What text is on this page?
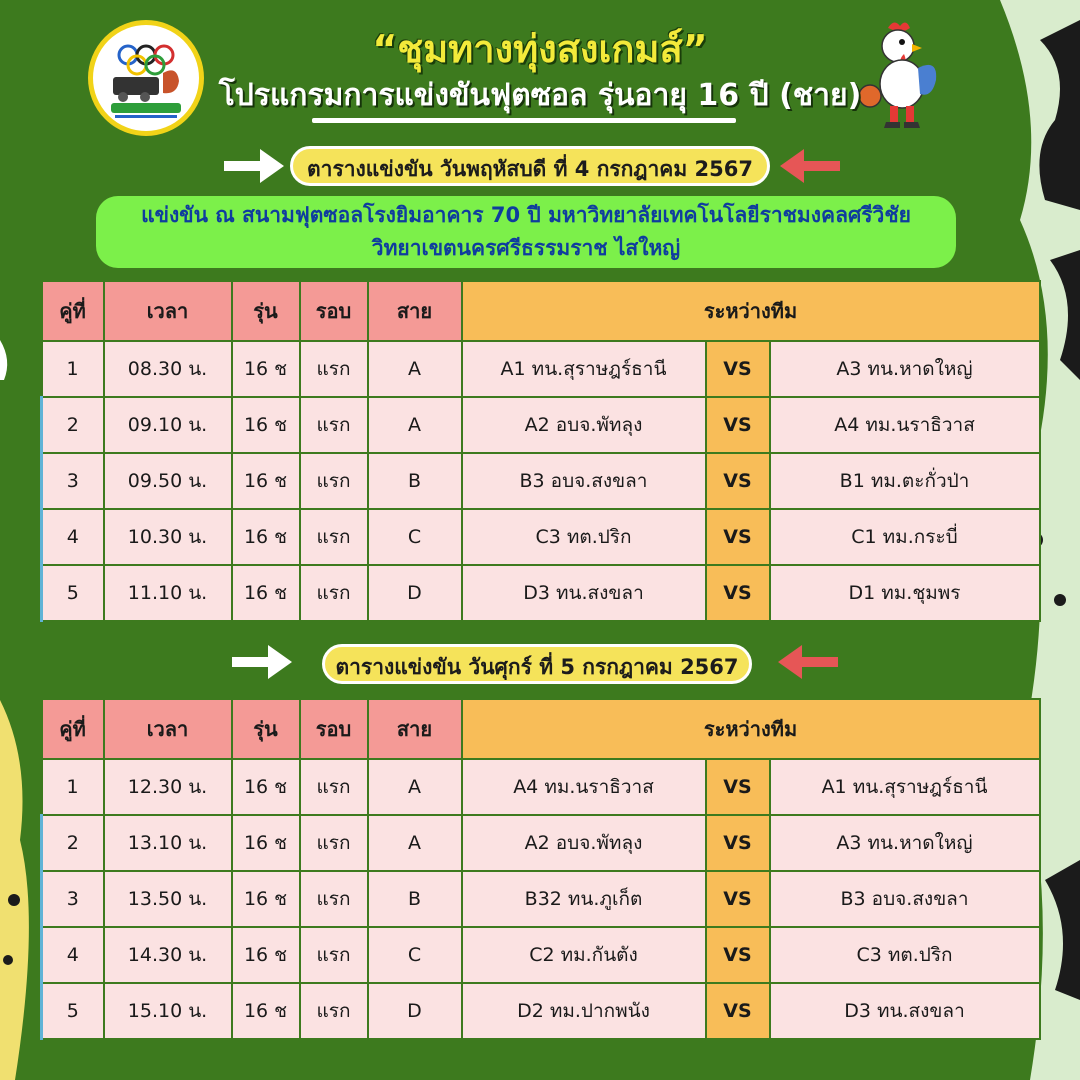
“ชุมทางทุ่งสงเกมส์”
โปรแกรมการแข่งขันฟุตซอล รุ่นอายุ 16 ปี (ชาย)
ตารางแข่งขัน วันพฤหัสบดี ที่ 4 กรกฎาคม 2567
แข่งขัน ณ สนามฟุตซอลโรงยิมอาคาร 70 ปี มหาวิทยาลัยเทคโนโลยีราชมงคลศรีวิชัย
วิทยาเขตนครศรีธรรมราช ไสใหญ่
คู่ที่	เวลา	รุ่น	รอบ	สาย	ระหว่างทีม		
1	08.30 น.	16 ช	แรก	A	A1 ทน.สุราษฎร์ธานี	VS	A3 ทน.หาดใหญ่
2	09.10 น.	16 ช	แรก	A	A2 อบจ.พัทลุง	VS	A4 ทม.นราธิวาส
3	09.50 น.	16 ช	แรก	B	B3 อบจ.สงขลา	VS	B1 ทม.ตะกั่วป่า
4	10.30 น.	16 ช	แรก	C	C3 ทต.ปริก	VS	C1 ทม.กระบี่
5	11.10 น.	16 ช	แรก	D	D3 ทน.สงขลา	VS	D1 ทม.ชุมพร
ตารางแข่งขัน วันศุกร์ ที่ 5 กรกฎาคม 2567
คู่ที่	เวลา	รุ่น	รอบ	สาย	ระหว่างทีม		
1	12.30 น.	16 ช	แรก	A	A4 ทม.นราธิวาส	VS	A1 ทน.สุราษฎร์ธานี
2	13.10 น.	16 ช	แรก	A	A2 อบจ.พัทลุง	VS	A3 ทน.หาดใหญ่
3	13.50 น.	16 ช	แรก	B	B32 ทน.ภูเก็ต	VS	B3 อบจ.สงขลา
4	14.30 น.	16 ช	แรก	C	C2 ทม.กันตัง	VS	C3 ทต.ปริก
5	15.10 น.	16 ช	แรก	D	D2 ทม.ปากพนัง	VS	D3 ทน.สงขลา
